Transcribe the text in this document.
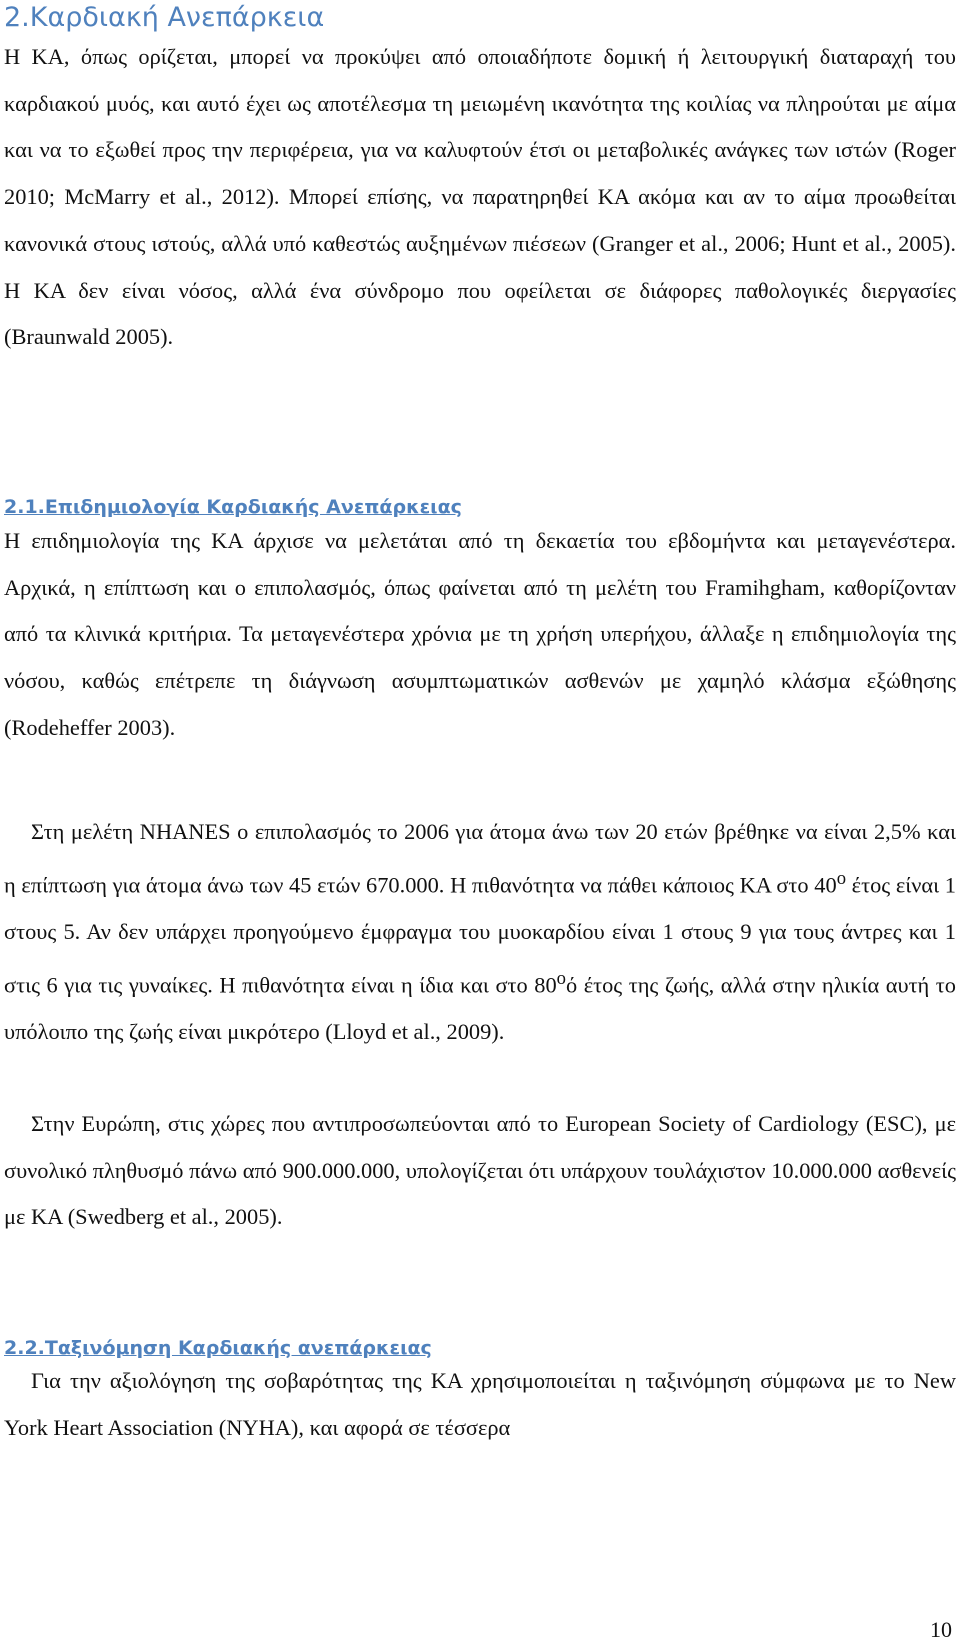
2.Καρδιακή Ανεπάρκεια

Η ΚΑ, όπως ορίζεται, μπορεί να προκύψει από οποιαδήποτε δομική ή λειτουργική διαταραχή του καρδιακού μυός, και αυτό έχει ως αποτέλεσμα τη μειωμένη ικανότητα της κοιλίας να πληρούται με αίμα και να το εξωθεί προς την περιφέρεια, για να καλυφτούν έτσι οι μεταβολικές ανάγκες των ιστών (Roger 2010; McMarry et al., 2012). Μπορεί επίσης, να παρατηρηθεί ΚΑ ακόμα και αν το αίμα προωθείται κανονικά στους ιστούς, αλλά υπό καθεστώς αυξημένων πιέσεων (Granger et al., 2006; Hunt et al., 2005). Η ΚΑ δεν είναι νόσος, αλλά ένα σύνδρομο που οφείλεται σε διάφορες παθολογικές διεργασίες (Braunwald 2005).

2.1.Επιδημιολογία Καρδιακής Ανεπάρκειας

Η επιδημιολογία της ΚΑ άρχισε να μελετάται από τη δεκαετία του εβδομήντα και μεταγενέστερα. Αρχικά, η επίπτωση και ο επιπολασμός, όπως φαίνεται από τη μελέτη του Framihgham, καθορίζονταν από τα κλινικά κριτήρια. Τα μεταγενέστερα χρόνια με τη χρήση υπερήχου, άλλαξε η επιδημιολογία της νόσου, καθώς επέτρεπε τη διάγνωση ασυμπτωματικών ασθενών με χαμηλό κλάσμα εξώθησης (Rodeheffer 2003).

Στη μελέτη NHANES ο επιπολασμός το 2006 για άτομα άνω των 20 ετών βρέθηκε να είναι 2,5% και η επίπτωση για άτομα άνω των 45 ετών 670.000. Η πιθανότητα να πάθει κάποιος ΚΑ στο $40^o$ έτος είναι 1 στους 5. Αν δεν υπάρχει προηγούμενο έμφραγμα του μυοκαρδίου είναι 1 στους 9 για τους άντρες και 1 στις 6 για τις γυναίκες. Η πιθανότητα είναι η ίδια και στο $80^oό$ έτος της ζωής, αλλά στην ηλικία αυτή το υπόλοιπο της ζωής είναι μικρότερο (Lloyd et al., 2009).

Στην Ευρώπη, στις χώρες που αντιπροσωπεύονται από το European Society of Cardiology (ESC), με συνολικό πληθυσμό πάνω από 900.000.000, υπολογίζεται ότι υπάρχουν τουλάχιστον 10.000.000 ασθενείς με ΚΑ (Swedberg et al., 2005).

2.2.Ταξινόμηση Καρδιακής ανεπάρκειας

Για την αξιολόγηση της σοβαρότητας της ΚΑ χρησιμοποιείται η ταξινόμηση σύμφωνα με το New York Heart Association (NYHA), και αφορά σε τέσσερα

10
